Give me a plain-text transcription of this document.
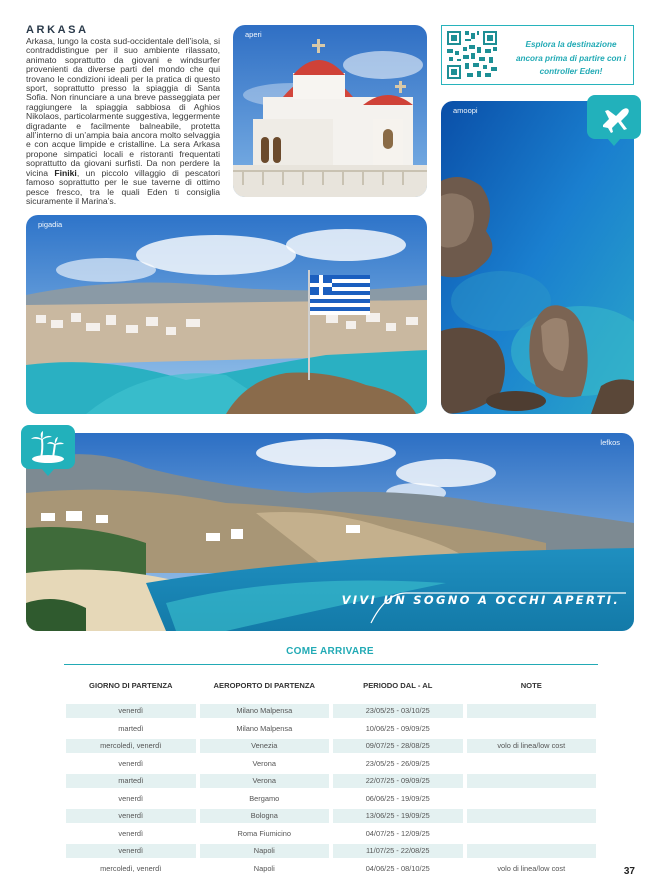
ARKASA

Arkasa, lungo la costa sud-occidentale dell’isola, si contraddistingue per il suo ambiente rilassato, animato soprattutto da giovani e windsurfer provenienti da diverse parti del mondo che qui trovano le condizioni ideali per la pratica di questo sport, soprattutto presso la spiaggia di Santa Sofia. Non rinunciare a una breve passeggiata per raggiungere la spiaggia sabbiosa di Aghios Nikolaos, particolarmente suggestiva, leggermente digradante e facilmente balneabile, protetta all’interno di un’ampia baia ancora molto selvaggia e con acque limpide e cristalline. La sera Arkasa propone simpatici locali e ristoranti frequentati soprattutto da giovani surfisti. Da non perdere la vicina Finiki, un piccolo villaggio di pescatori famoso soprattutto per le sue taverne di ottimo pesce fresco, tra le quali Eden ti consiglia sicuramente il Marina’s.

aperi
Esplora la destinazione ancora prima di partire con i controller Eden!
amoopi
pigadia
lefkos
VIVI UN SOGNO A OCCHI APERTI.
COME ARRIVARE
GIORNO DI PARTENZA	AEROPORTO DI PARTENZA	PERIODO DAL - AL	NOTE
venerdì	Milano Malpensa	23/05/25 - 03/10/25	
martedì	Milano Malpensa	10/06/25 - 09/09/25	
mercoledì, venerdì	Venezia	09/07/25 - 28/08/25	volo di linea/low cost
venerdì	Verona	23/05/25 - 26/09/25	
martedì	Verona	22/07/25 - 09/09/25	
venerdì	Bergamo	06/06/25 - 19/09/25	
venerdì	Bologna	13/06/25 - 19/09/25	
venerdì	Roma Fiumicino	04/07/25 - 12/09/25	
venerdì	Napoli	11/07/25 - 22/08/25	
mercoledì, venerdì	Napoli	04/06/25 - 08/10/25	volo di linea/low cost	37
